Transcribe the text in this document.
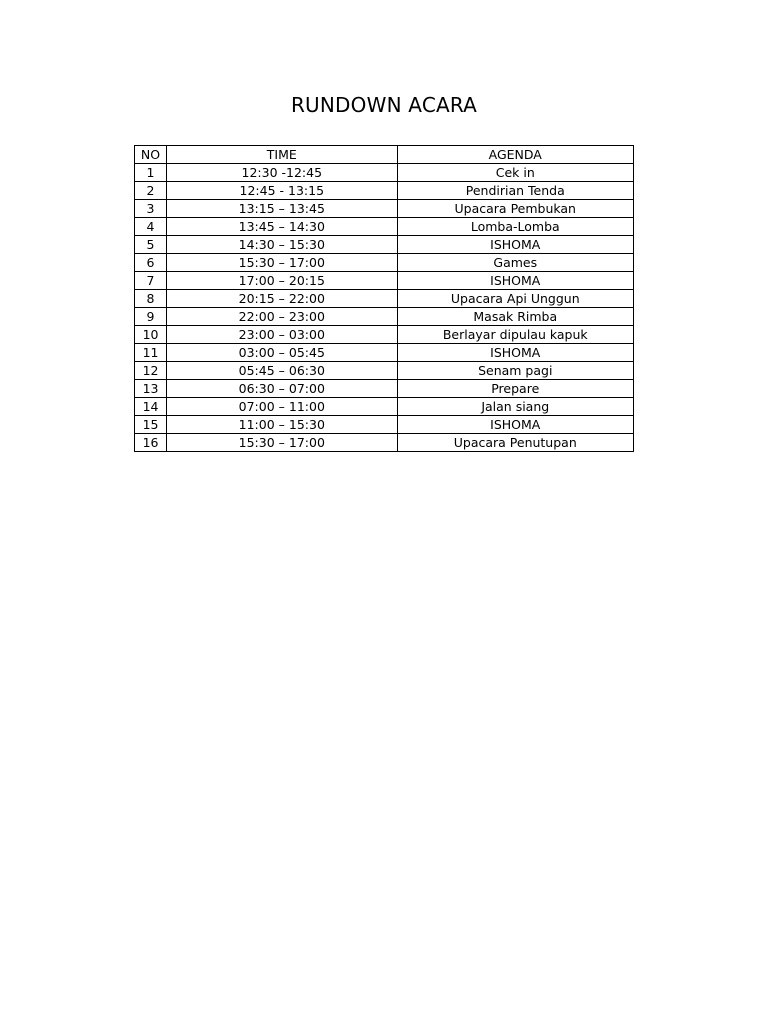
RUNDOWN ACARA
NO	TIME	AGENDA
1	12:30 -12:45	Cek in
2	12:45 - 13:15	Pendirian Tenda
3	13:15 – 13:45	Upacara Pembukan
4	13:45 – 14:30	Lomba-Lomba
5	14:30 – 15:30	ISHOMA
6	15:30 – 17:00	Games
7	17:00 – 20:15	ISHOMA
8	20:15 – 22:00	Upacara Api Unggun
9	22:00 – 23:00	Masak Rimba
10	23:00 – 03:00	Berlayar dipulau kapuk
11	03:00 – 05:45	ISHOMA
12	05:45 – 06:30	Senam pagi
13	06:30 – 07:00	Prepare
14	07:00 – 11:00	Jalan siang
15	11:00 – 15:30	ISHOMA
16	15:30 – 17:00	Upacara Penutupan
